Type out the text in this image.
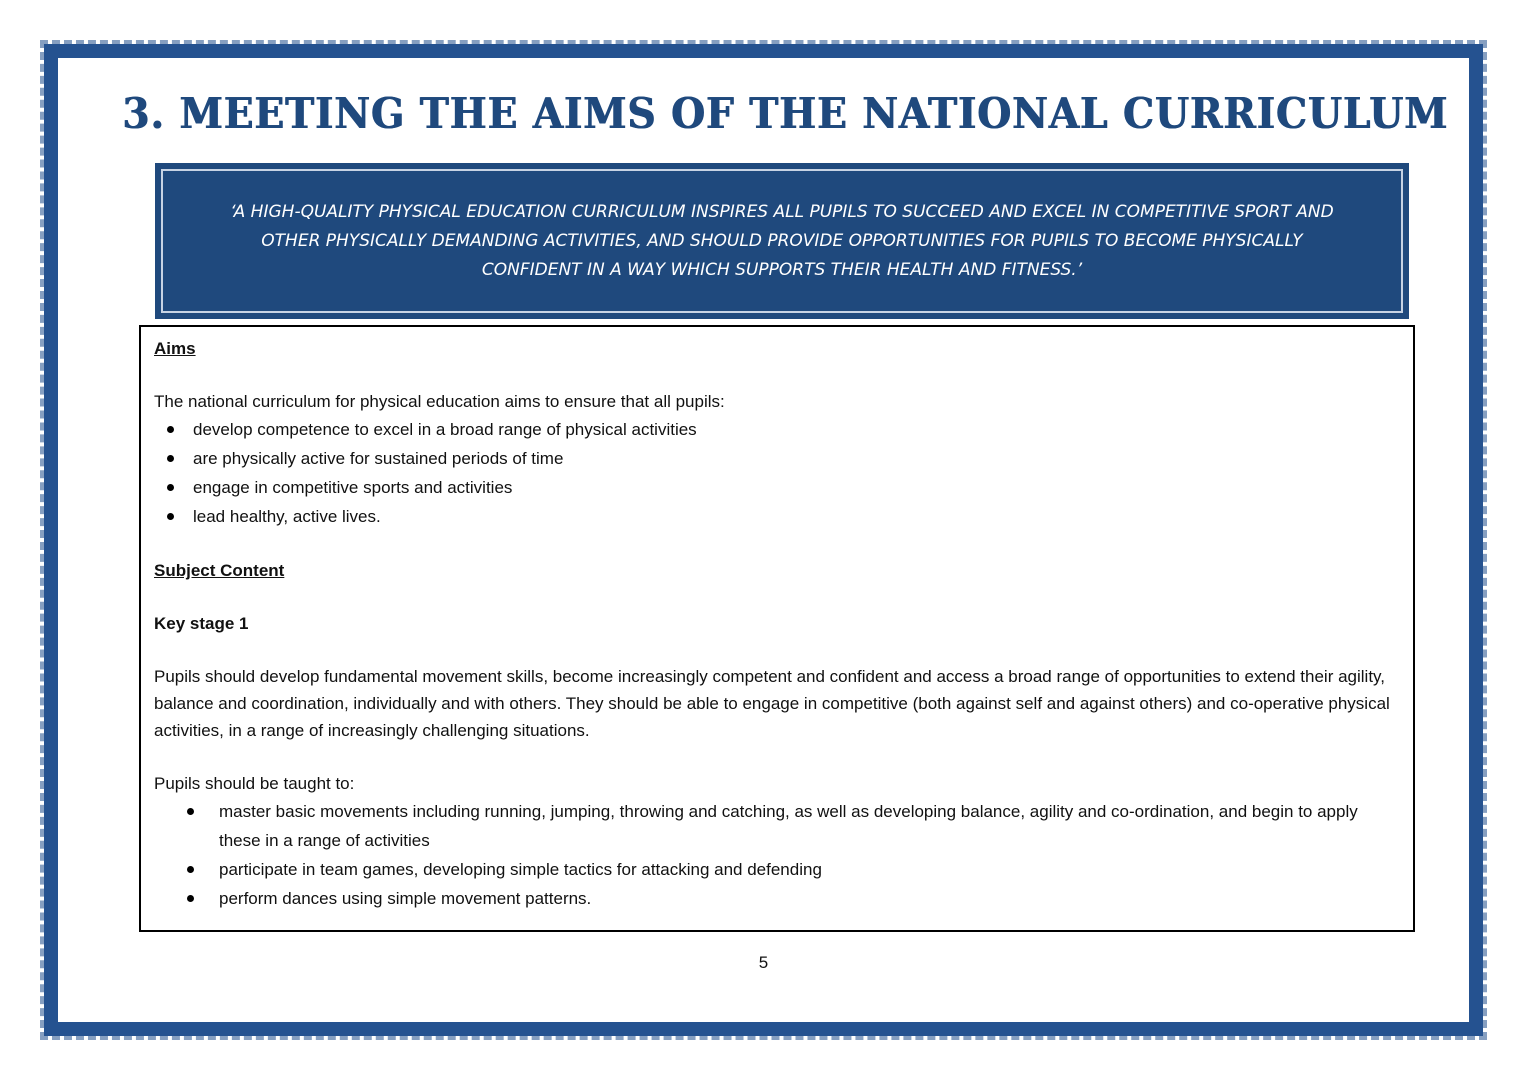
3. MEETING THE AIMS OF THE NATIONAL CURRICULUM

‘A HIGH-QUALITY PHYSICAL EDUCATION CURRICULUM INSPIRES ALL PUPILS TO SUCCEED AND EXCEL IN COMPETITIVE SPORT AND OTHER PHYSICALLY DEMANDING ACTIVITIES, AND SHOULD PROVIDE OPPORTUNITIES FOR PUPILS TO BECOME PHYSICALLY CONFIDENT IN A WAY WHICH SUPPORTS THEIR HEALTH AND FITNESS.’

Aims

The national curriculum for physical education aims to ensure that all pupils:

develop competence to excel in a broad range of physical activities
are physically active for sustained periods of time
engage in competitive sports and activities
lead healthy, active lives.

Subject Content

Key stage 1

Pupils should develop fundamental movement skills, become increasingly competent and confident and access a broad range of opportunities to extend their agility, balance and coordination, individually and with others. They should be able to engage in competitive (both against self and against others) and co-operative physical activities, in a range of increasingly challenging situations.

Pupils should be taught to:

master basic movements including running, jumping, throwing and catching, as well as developing balance, agility and co-ordination, and begin to apply these in a range of activities
participate in team games, developing simple tactics for attacking and defending
perform dances using simple movement patterns.

5
